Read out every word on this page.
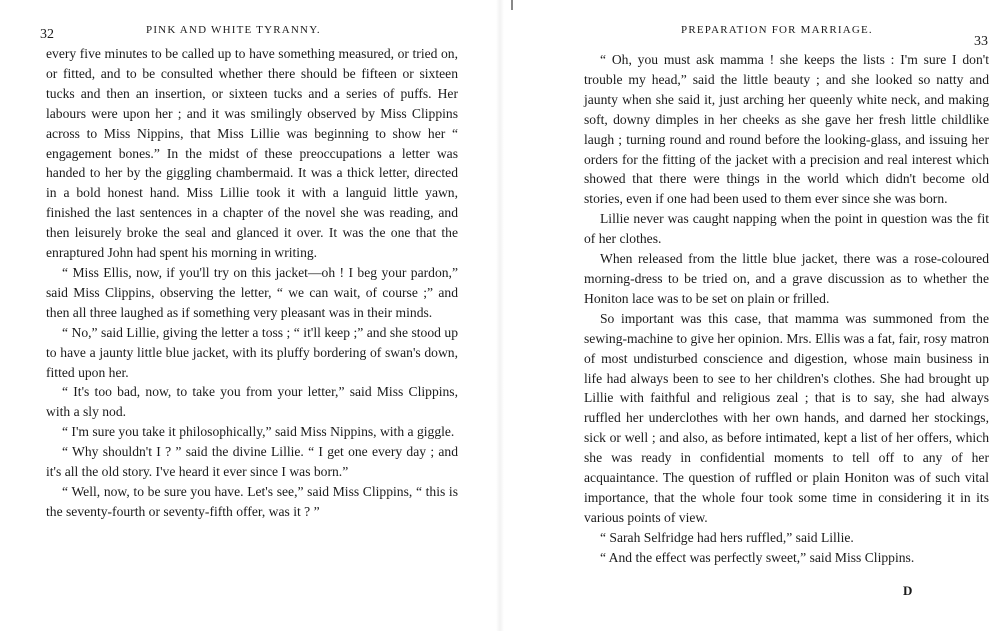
32	PINK AND WHITE TYRANNY.

every five minutes to be called up to have something measured, or tried on, or fitted, and to be consulted whether there should be fifteen or sixteen tucks and then an insertion, or sixteen tucks and a series of puffs. Her labours were upon her ; and it was smilingly observed by Miss Clippins across to Miss Nippins, that Miss Lillie was beginning to show her “ engagement bones.” In the midst of these preoccupations a letter was handed to her by the giggling chambermaid. It was a thick letter, directed in a bold honest hand. Miss Lillie took it with a languid little yawn, finished the last sentences in a chapter of the novel she was reading, and then leisurely broke the seal and glanced it over. It was the one that the enraptured John had spent his morning in writing.

“ Miss Ellis, now, if you'll try on this jacket—oh ! I beg your pardon,” said Miss Clippins, observing the letter, “ we can wait, of course ;” and then all three laughed as if something very pleasant was in their minds.

“ No,” said Lillie, giving the letter a toss ; “ it'll keep ;” and she stood up to have a jaunty little blue jacket, with its pluffy bordering of swan's down, fitted upon her.

“ It's too bad, now, to take you from your letter,” said Miss Clippins, with a sly nod.

“ I'm sure you take it philosophically,” said Miss Nippins, with a giggle.

“ Why shouldn't I ? ” said the divine Lillie. “ I get one every day ; and it's all the old story. I've heard it ever since I was born.”

“ Well, now, to be sure you have. Let's see,” said Miss Clippins, “ this is the seventy-fourth or seventy-fifth offer, was it ? ”

PREPARATION FOR MARRIAGE.
33

“ Oh, you must ask mamma ! she keeps the lists : I'm sure I don't trouble my head,” said the little beauty ; and she looked so natty and jaunty when she said it, just arching her queenly white neck, and making soft, downy dimples in her cheeks as she gave her fresh little childlike laugh ; turning round and round before the looking-glass, and issuing her orders for the fitting of the jacket with a precision and real interest which showed that there were things in the world which didn't become old stories, even if one had been used to them ever since she was born.

Lillie never was caught napping when the point in question was the fit of her clothes.

When released from the little blue jacket, there was a rose-coloured morning-dress to be tried on, and a grave discussion as to whether the Honiton lace was to be set on plain or frilled.

So important was this case, that mamma was summoned from the sewing-machine to give her opinion. Mrs. Ellis was a fat, fair, rosy matron of most undisturbed conscience and digestion, whose main business in life had always been to see to her children's clothes. She had brought up Lillie with faithful and religious zeal ; that is to say, she had always ruffled her underclothes with her own hands, and darned her stockings, sick or well ; and also, as before intimated, kept a list of her offers, which she was ready in confidential moments to tell off to any of her acquaintance. The question of ruffled or plain Honiton was of such vital importance, that the whole four took some time in considering it in its various points of view.

“ Sarah Selfridge had hers ruffled,” said Lillie.

“ And the effect was perfectly sweet,” said Miss Clippins.

D
